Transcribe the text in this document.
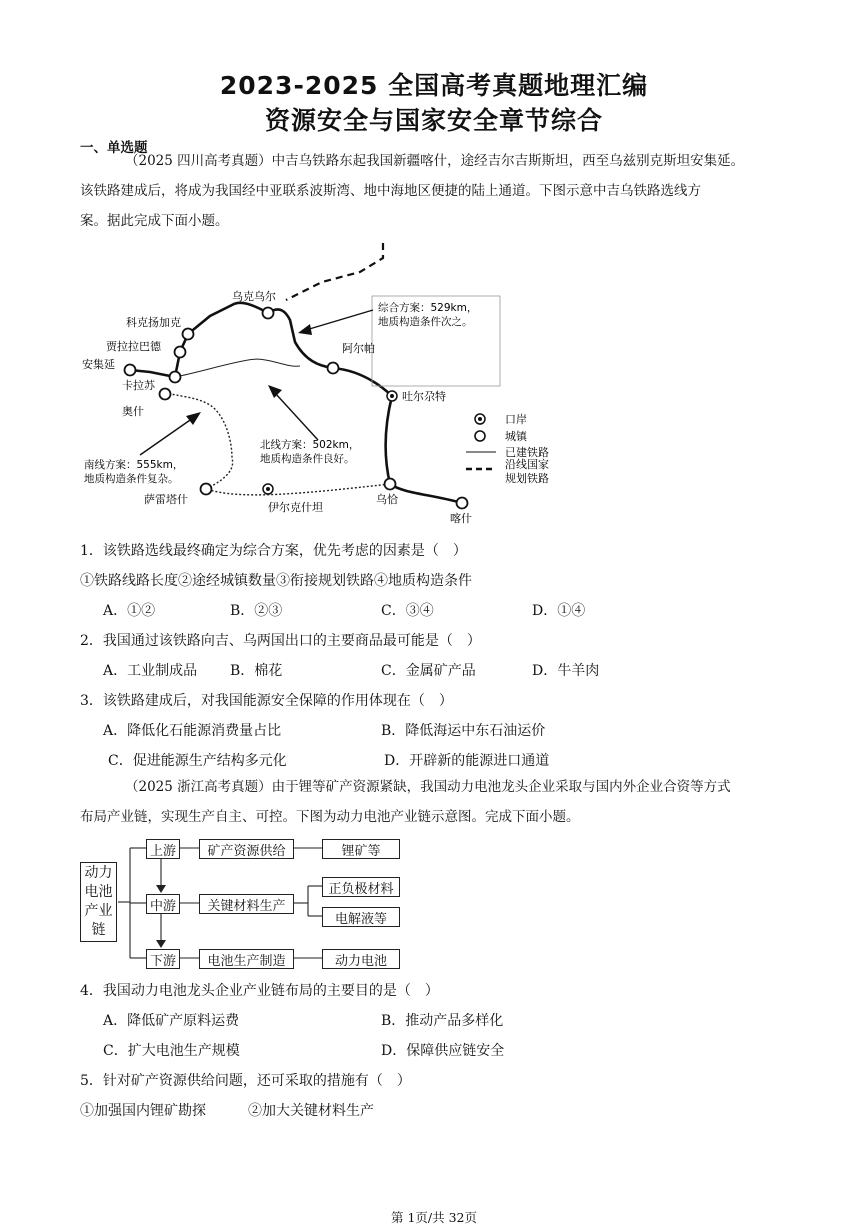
2023-2025 全国高考真题地理汇编
资源安全与国家安全章节综合
一、单选题
（2025 四川高考真题）中吉乌铁路东起我国新疆喀什，途经吉尔吉斯斯坦，西至乌兹别克斯坦安集延。
该铁路建成后，将成为我国经中亚联系波斯湾、地中海地区便捷的陆上通道。下图示意中吉乌铁路选线方
案。据此完成下面小题。
乌克乌尔
科克扬加克
贾拉拉巴德
安集延
卡拉苏
奥什
阿尔帕
吐尔尕特
萨雷塔什
伊尔克什坦
乌恰
喀什
综合方案：529km，
地质构造条件次之。
北线方案：502km，
地质构造条件良好。
南线方案：555km，
地质构造条件复杂。
口岸
城镇
已建铁路
沿线国家
规划铁路
1．该铁路选线最终确定为综合方案，优先考虑的因素是（　）
①铁路线路长度②途经城镇数量③衔接规划铁路④地质构造条件
A．①②	B．②③	C．③④	D．①④
2．我国通过该铁路向吉、乌两国出口的主要商品最可能是（　）
A．工业制成品 B．棉花	C．金属矿产品	D．牛羊肉
3．该铁路建成后，对我国能源安全保障的作用体现在（　）
A．降低化石能源消费量占比	B．降低海运中东石油运价
C．促进能源生产结构多元化	D．开辟新的能源进口通道
（2025 浙江高考真题）由于锂等矿产资源紧缺，我国动力电池龙头企业采取与国内外企业合资等方式
布局产业链，实现生产自主、可控。下图为动力电池产业链示意图。完成下面小题。
动力电池产业链
上游
中游
下游
矿产资源供给
关键材料生产
电池生产制造
锂矿等
正负极材料
电解液等
动力电池
4．我国动力电池龙头企业产业链布局的主要目的是（　）
A．降低矿产原料运费	B．推动产品多样化
C．扩大电池生产规模	D．保障供应链安全
5．针对矿产资源供给问题，还可采取的措施有（　）
①加强国内锂矿勘探　　　②加大关键材料生产
第 1页/共 32页
